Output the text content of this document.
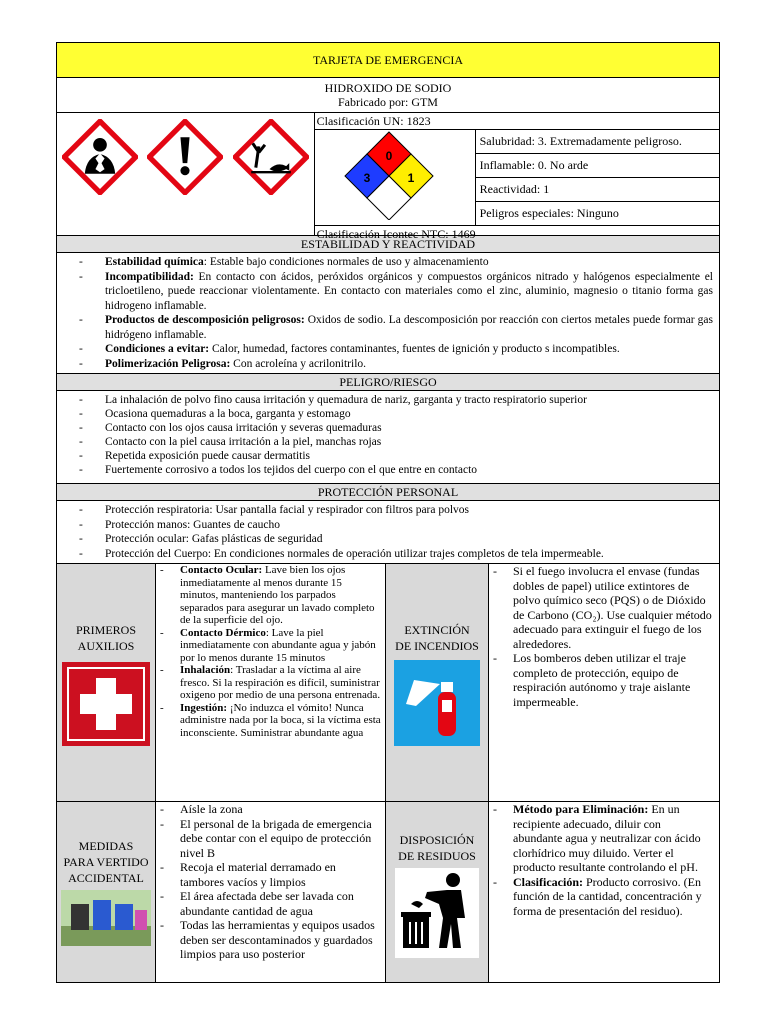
TARJETA DE EMERGENCIA
HIDROXIDO DE SODIO
Fabricado por: GTM
Clasificación UN: 1823
0
3	1
Salubridad: 3. Extremadamente peligroso.
Inflamable: 0. No arde
Reactividad: 1
Peligros especiales: Ninguno
Clasificación Icontec NTC: 1469
ESTABILIDAD Y REACTIVIDAD
- Estabilidad química: Estable bajo condiciones normales de uso y almacenamiento
- Incompatibilidad: En contacto con ácidos, peróxidos orgánicos y compuestos orgánicos nitrado y halógenos especialmente el tricloetileno, puede reaccionar violentamente. En contacto con materiales como el zinc, aluminio, magnesio o titanio forma gas hidrogeno inflamable.
- Productos de descomposición peligrosos: Oxidos de sodio. La descomposición por reacción con ciertos metales puede formar gas hidrógeno inflamable.
- Condiciones a evitar: Calor, humedad, factores contaminantes, fuentes de ignición y producto s incompatibles.
- Polimerización Peligrosa: Con acroleína y acrilonitrilo.
PELIGRO/RIESGO
- La inhalación de polvo fino causa irritación y quemadura de nariz, garganta y tracto respiratorio superior
- Ocasiona quemaduras a la boca, garganta y estomago
- Contacto con los ojos causa irritación y severas quemaduras
- Contacto con la piel causa irritación a la piel, manchas rojas
- Repetida exposición puede causar dermatitis
- Fuertemente corrosivo a todos los tejidos del cuerpo con el que entre en contacto
PROTECCIÓN PERSONAL
- Protección respiratoria: Usar pantalla facial y respirador con filtros para polvos
- Protección manos: Guantes de caucho
- Protección ocular: Gafas plásticas de seguridad
- Protección del Cuerpo: En condiciones normales de operación utilizar trajes completos de tela impermeable.
PRIMEROS
AUXILIOS
- Contacto Ocular: Lave bien los ojos inmediatamente al menos durante 15 minutos, manteniendo los parpados separados para asegurar un lavado completo de la superficie del ojo.
- Contacto Dérmico: Lave la piel inmediatamente con abundante agua y jabón por lo menos durante 15 minutos
- Inhalación: Trasladar a la víctima al aire fresco. Si la respiración es difícil, suministrar oxigeno por medio de una persona entrenada.
- Ingestión: ¡No induzca el vómito! Nunca administre nada por la boca, si la víctima esta inconsciente. Suministrar abundante agua
EXTINCIÓN
DE INCENDIOS
- Si el fuego involucra el envase (fundas dobles de papel) utilice extintores de polvo químico seco (PQS) o de Dióxido de Carbono (CO₂). Use cualquier método adecuado para extinguir el fuego de los alrededores.
- Los bomberos deben utilizar el traje completo de protección, equipo de respiración autónomo y traje aislante impermeable.
MEDIDAS
PARA VERTIDO
ACCIDENTAL
- Aísle la zona
- El personal de la brigada de emergencia debe contar con el equipo de protección nivel B
- Recoja el material derramado en tambores vacíos y limpios
- El área afectada debe ser lavada con abundante cantidad de agua
- Todas las herramientas y equipos usados deben ser descontaminados y guardados limpios para uso posterior
DISPOSICIÓN
DE RESIDUOS
- Método para Eliminación: En un recipiente adecuado, diluir con abundante agua y neutralizar con ácido clorhídrico muy diluido. Verter el producto resultante controlando el pH.
- Clasificación: Producto corrosivo. (En función de la cantidad, concentración y forma de presentación del residuo).
